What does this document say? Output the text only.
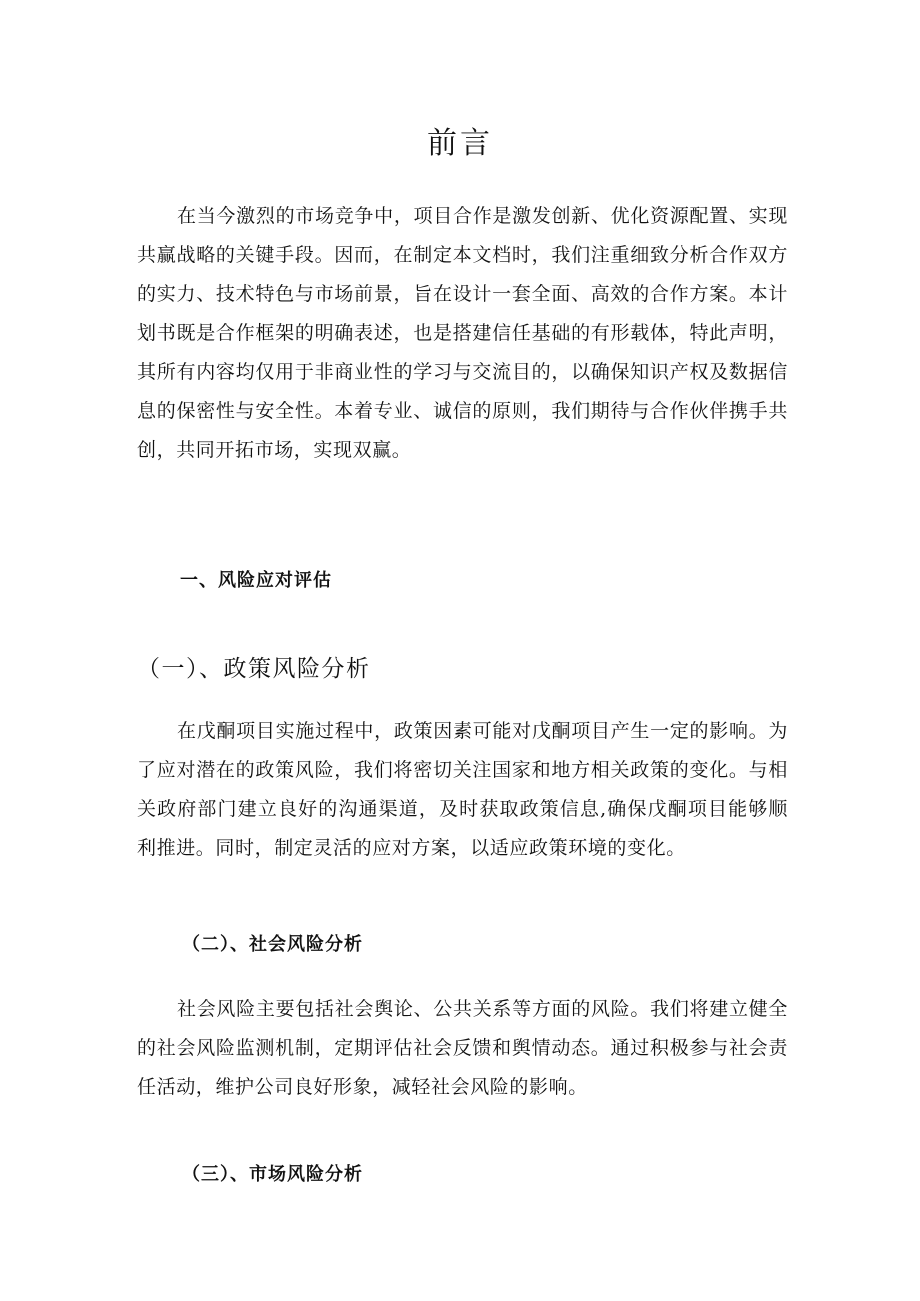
前言

在当今激烈的市场竞争中，项目合作是激发创新、优化资源配置、实现共赢战略的关键手段。因而，在制定本文档时，我们注重细致分析合作双方的实力、技术特色与市场前景，旨在设计一套全面、高效的合作方案。本计划书既是合作框架的明确表述，也是搭建信任基础的有形载体，特此声明，其所有内容均仅用于非商业性的学习与交流目的，以确保知识产权及数据信息的保密性与安全性。本着专业、诚信的原则，我们期待与合作伙伴携手共创，共同开拓市场，实现双赢。

一、风险应对评估
（一）、政策风险分析

在戊酮项目实施过程中，政策因素可能对戊酮项目产生一定的影响。为了应对潜在的政策风险，我们将密切关注国家和地方相关政策的变化。与相关政府部门建立良好的沟通渠道，及时获取政策信息,确保戊酮项目能够顺利推进。同时，制定灵活的应对方案，以适应政策环境的变化。

（二）、社会风险分析

社会风险主要包括社会舆论、公共关系等方面的风险。我们将建立健全的社会风险监测机制，定期评估社会反馈和舆情动态。通过积极参与社会责任活动，维护公司良好形象，减轻社会风险的影响。

（三）、市场风险分析
